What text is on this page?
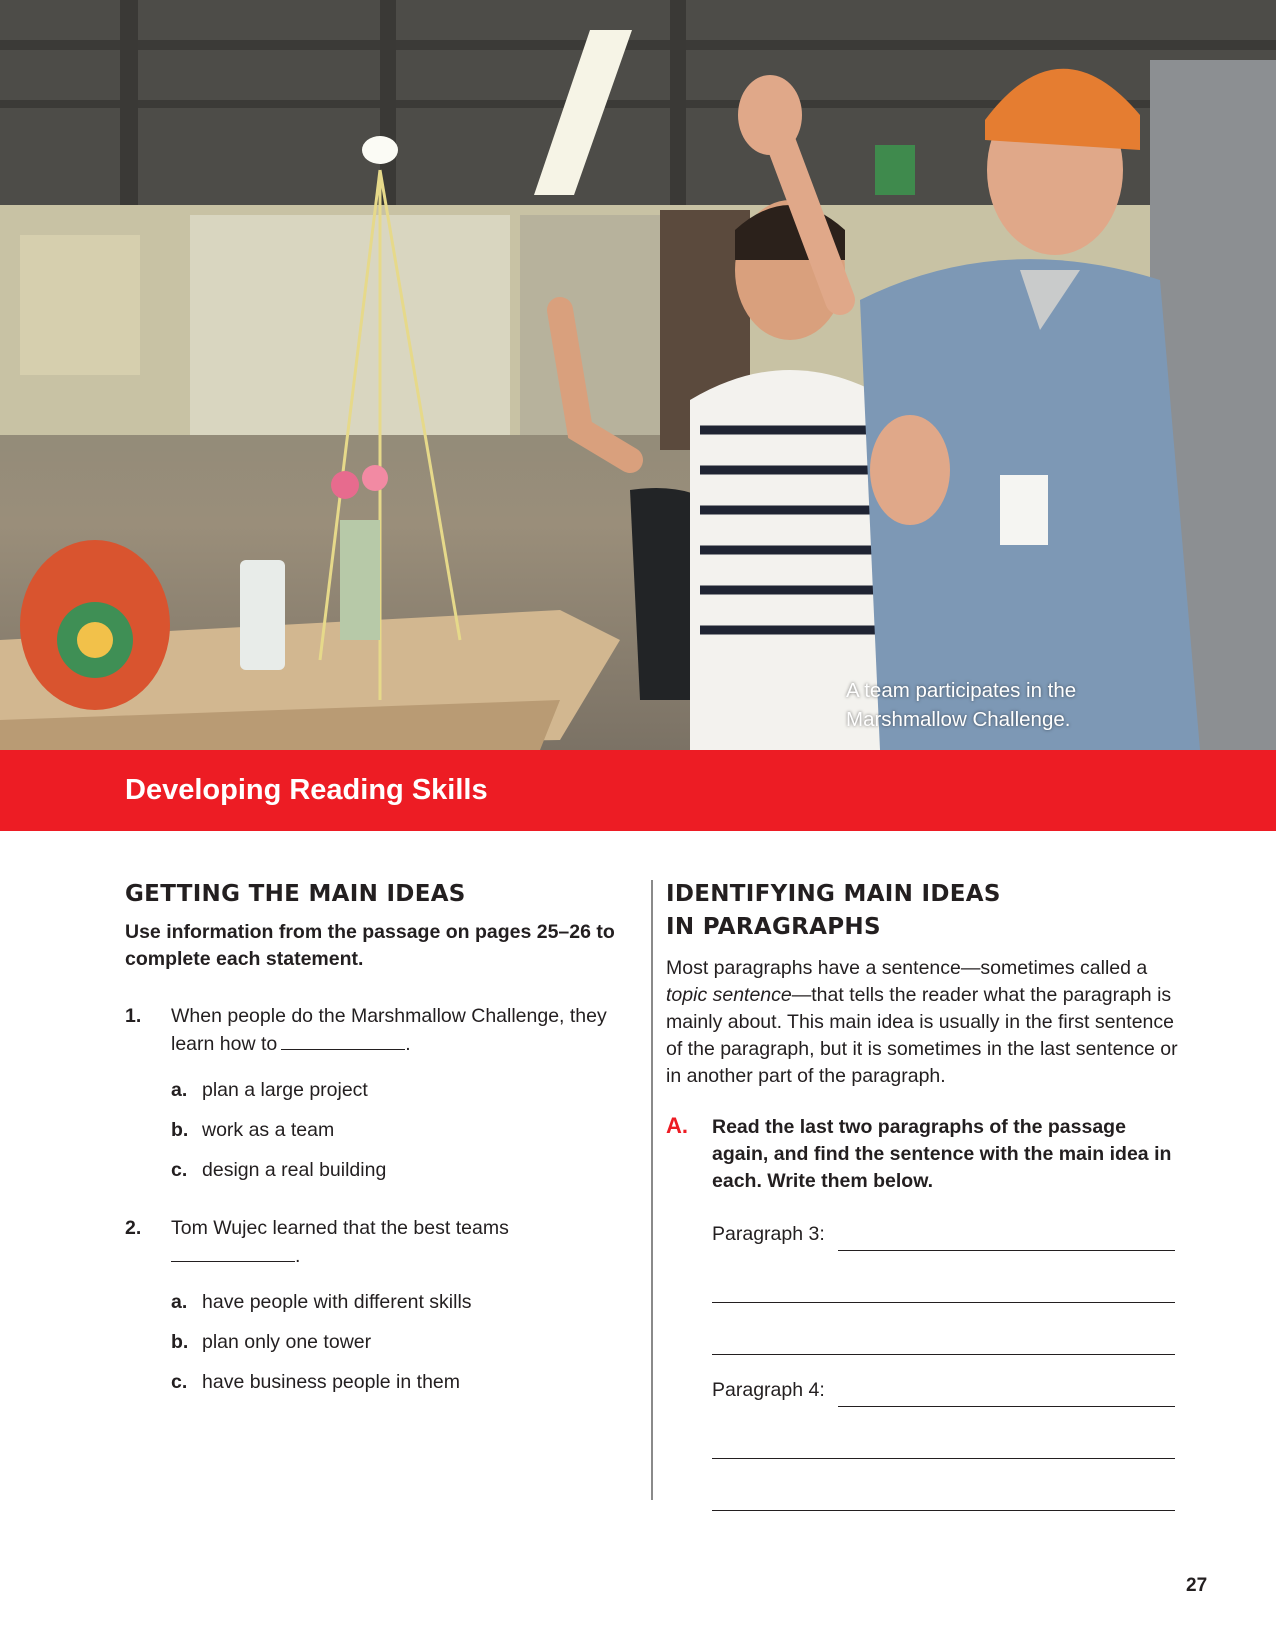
A team participates in the
Marshmallow Challenge.
Developing Reading Skills
GETTING THE MAIN IDEAS

Use information from the passage on pages 25–26 to complete each statement.

1. When people do the Marshmallow Challenge, they learn how to	.
a. plan a large project
b. work as a team
c. design a real building
2. Tom Wujec learned that the best teams
.
a. have people with different skills
b. plan only one tower
c. have business people in them
IDENTIFYING MAIN IDEAS
IN PARAGRAPHS

Most paragraphs have a sentence—sometimes called a topic sentence—that tells the reader what the paragraph is mainly about. This main idea is usually in the first sentence of the paragraph, but it is sometimes in the last sentence or in another part of the paragraph.

A. Read the last two paragraphs of the passage again, and find the sentence with the main idea in each. Write them below.
Paragraph 3:
Paragraph 4:
27
